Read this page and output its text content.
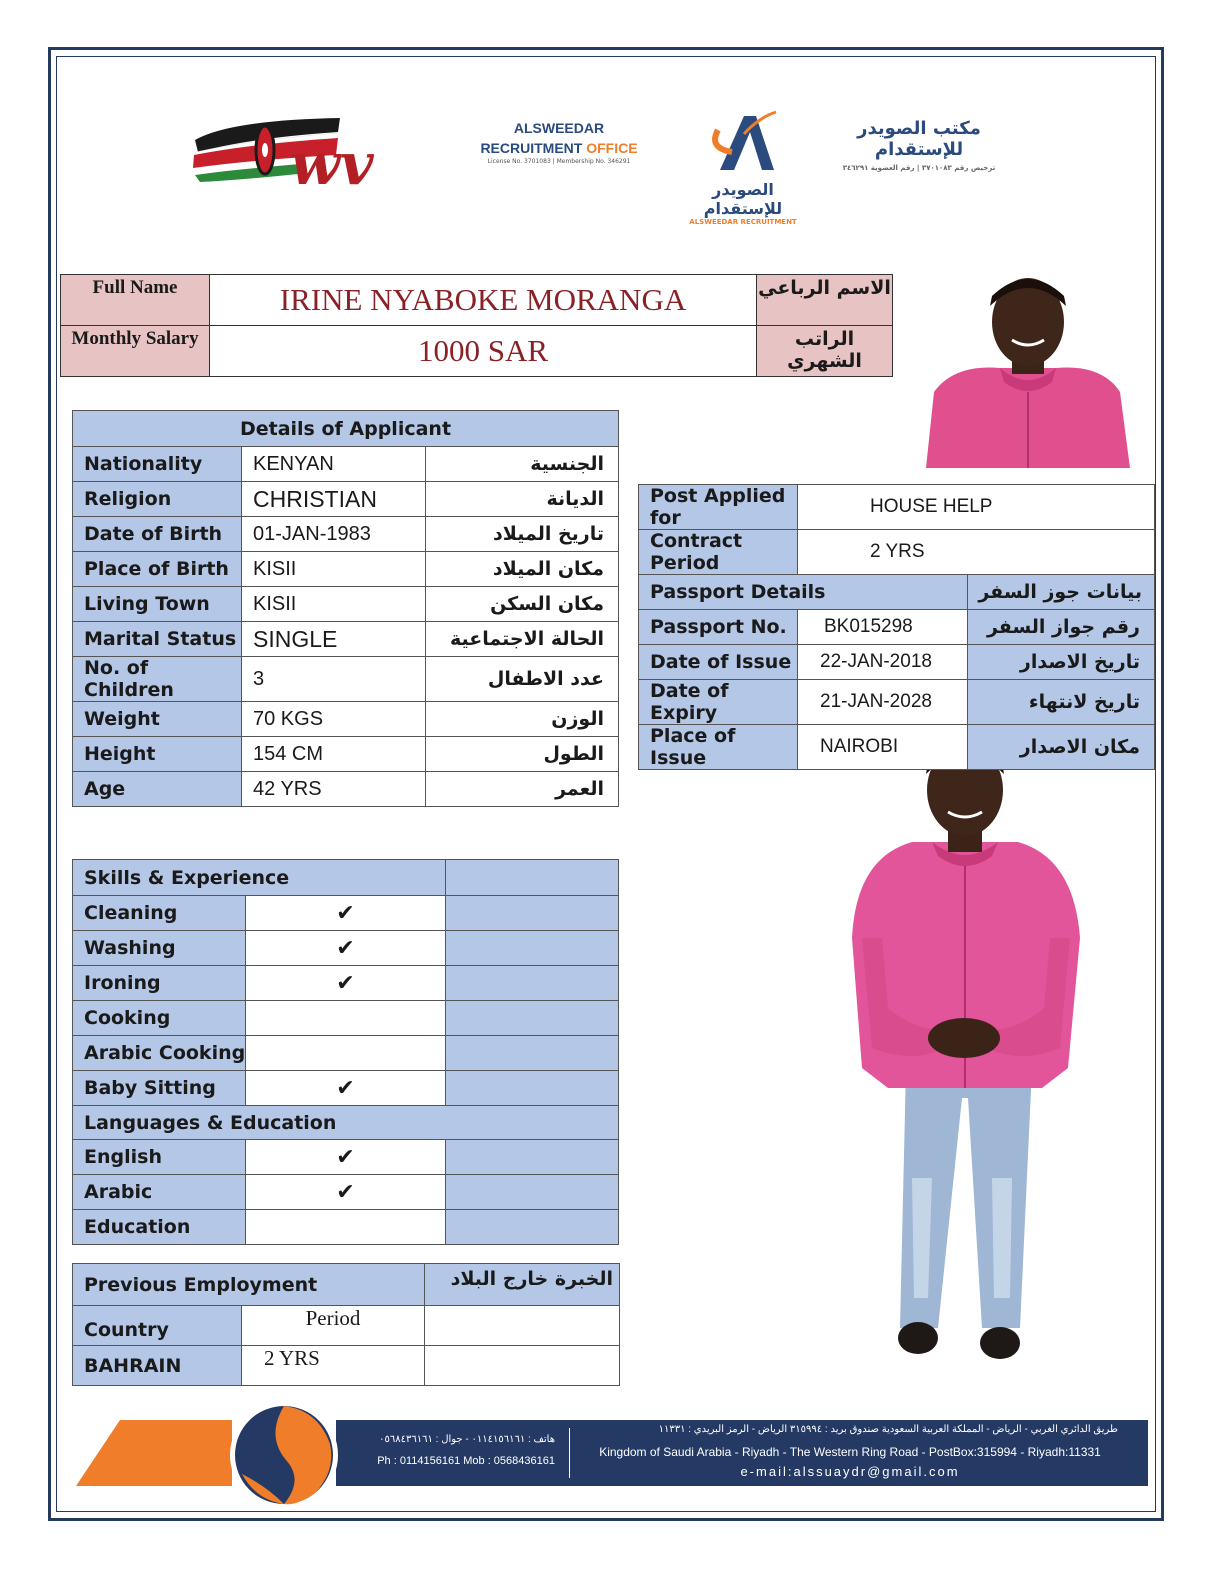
wv
ALSWEEDAR
RECRUITMENT OFFICE
License No. 3701083 | Membership No. 346291
الصويدر للإستقدام
ALSWEEDAR RECRUITMENT
مكتب الصويدر للإستقدام
ترخيص رقم ٣٧٠١٠٨٣ | رقم العضوية ٣٤٦٢٩١
Full Name	IRINE NYABOKE MORANGA	الاسم الرباعي
Monthly Salary	1000 SAR	الراتب الشهري
Details of Applicant		
Nationality	KENYAN	الجنسية
Religion	CHRISTIAN	الديانة
Date of Birth	01-JAN-1983	تاريخ الميلاد
Place of Birth	KISII	مكان الميلاد
Living Town	KISII	مكان السكن
Marital Status	SINGLE	الحالة الاجتماعية
No. of Children	3	عدد الاطفال
Weight	70 KGS	الوزن
Height	154 CM	الطول
Age	42 YRS	العمر
Post Applied for	HOUSE HELP	
Contract Period	2 YRS	
Passport Details		بيانات جوز السفر
Passport No.	BK015298	رقم جواز السفر
Date of Issue	22-JAN-2018	تاريخ الاصدار
Date of Expiry	21-JAN-2028	تاريخ لانتهاء
Place of Issue	NAIROBI	مكان الاصدار
Skills & Experience		
Cleaning	✔	
Washing	✔	
Ironing	✔	
Cooking		
Arabic Cooking		
Baby Sitting	✔	
Languages & Education		
English	✔	
Arabic	✔	
Education		
Previous Employment		الخبرة خارج البلاد
Country	Period	
BAHRAIN	2 YRS	
هاتف : ٠١١٤١٥٦١٦١ - جوال : ٠٥٦٨٤٣٦١٦١
Ph : 0114156161 Mob : 0568436161
طريق الدائري الغربي - الرياض - المملكة العربية السعودية صندوق بريد : ٣١٥٩٩٤ الرياض - الرمز البريدي : ١١٣٣١
Kingdom of Saudi Arabia - Riyadh - The Western Ring Road - PostBox:315994 - Riyadh:11331
e-mail:alssuaydr@gmail.com
